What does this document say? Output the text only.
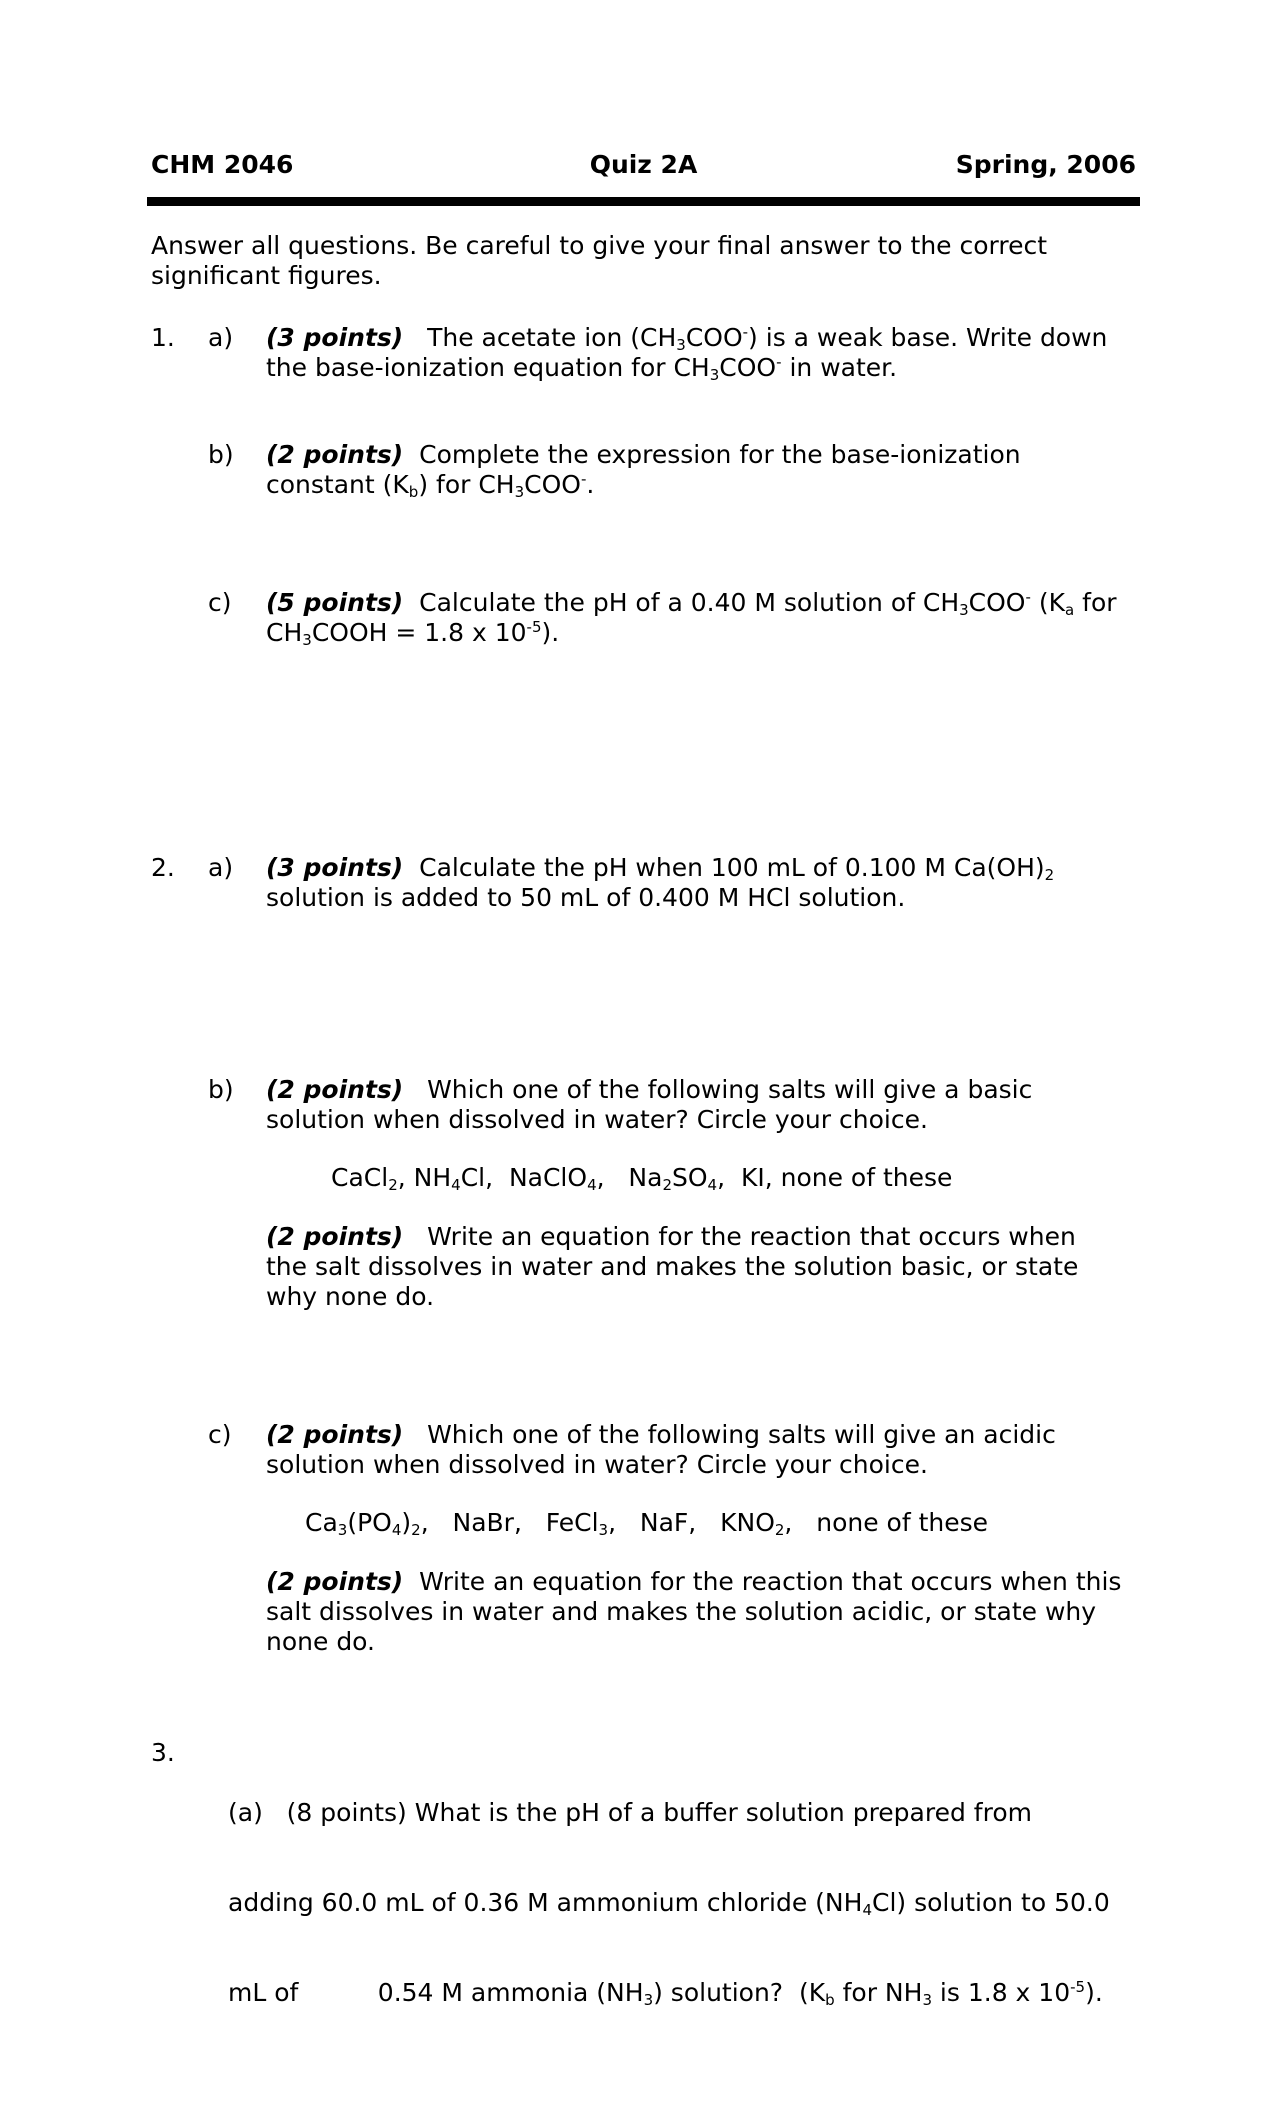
CHM 2046	Quiz 2A	Spring, 2006
Answer all questions. Be careful to give your final answer to the correct
significant figures.
1. a) (3 points) The acetate ion $(CH_3COO^-)$ is a weak base. Write down
the base-ionization equation for $CH_3COO^-$ in water.
b) (2 points) Complete the expression for the base-ionization
constant $(K_b)$ for $CH_3COO^-$.
c) (5 points) Calculate the pH of a 0.40 M solution of $CH_3COO^-$ ($K_a$ for
$CH_3COOH = 1.8$ x $10^{-5}$).
2. a) (3 points) Calculate the pH when 100 mL of 0.100 M $Ca(OH)_2$
solution is added to 50 mL of 0.400 M HCl solution.
b) (2 points) Which one of the following salts will give a basic
solution when dissolved in water? Circle your choice.
CaCl$_2$, $NH_4Cl$, NaClO$_4$, $Na_2SO_4$, KI, none of these
(2 points) Write an equation for the reaction that occurs when
the salt dissolves in water and makes the solution basic, or state
why none do.
c) (2 points) Which one of the following salts will give an acidic
solution when dissolved in water? Circle your choice.
$Ca_3(PO_4)_2$, NaBr, FeCl$_3$, NaF, $KNO_2$, none of these
(2 points) Write an equation for the reaction that occurs when this
salt dissolves in water and makes the solution acidic, or state why
none do.
3.

(a)   (8 points) What is the pH of a buffer solution prepared from

adding 60.0 mL of 0.36 M ammonium chloride $(NH_4Cl)$ solution to 50.0

mL of	0.54 M ammonia $(NH_3)$ solution?  ($K_b$ for $NH_3$ is 1.8 x $10^{-5}$).
